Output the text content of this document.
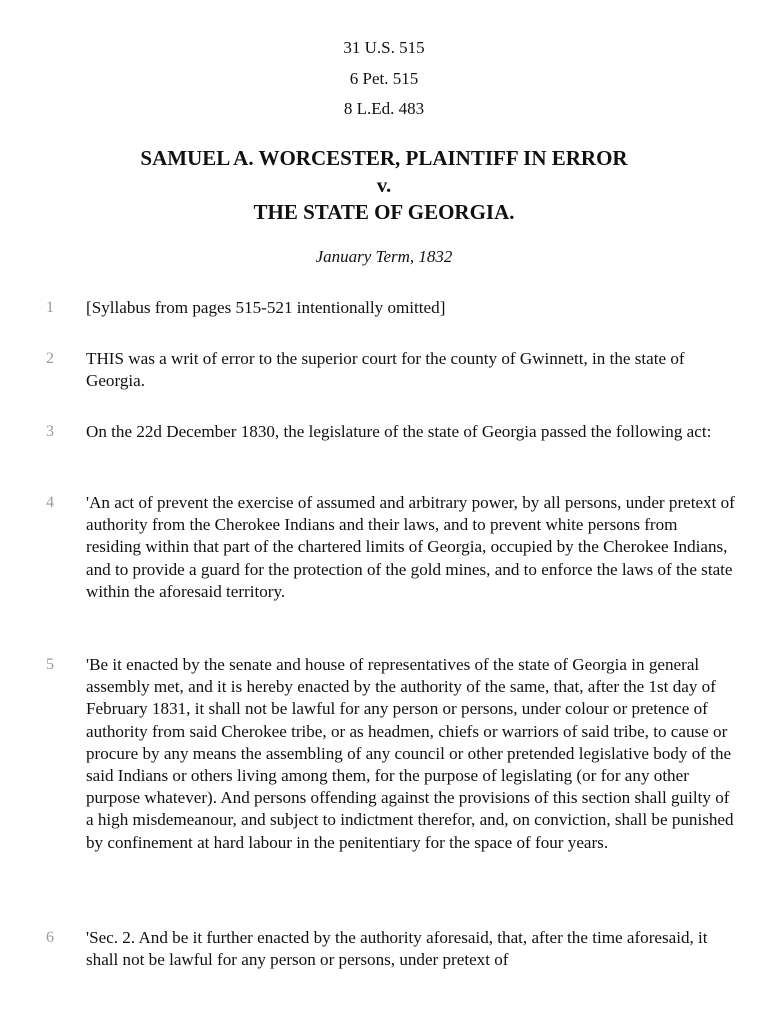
31 U.S. 515
6 Pet. 515
8 L.Ed. 483
SAMUEL A. WORCESTER, PLAINTIFF IN ERROR
v.
THE STATE OF GEORGIA.
January Term, 1832
1 [Syllabus from pages 515-521 intentionally omitted]

2 THIS was a writ of error to the superior court for the county of Gwinnett, in the state of Georgia.

3 On the 22d December 1830, the legislature of the state of Georgia passed the following act:

4 'An act of prevent the exercise of assumed and arbitrary power, by all persons, under pretext of authority from the Cherokee Indians and their laws, and to prevent white persons from residing within that part of the chartered limits of Georgia, occupied by the Cherokee Indians, and to provide a guard for the protection of the gold mines, and to enforce the laws of the state within the aforesaid territory.

5 'Be it enacted by the senate and house of representatives of the state of Georgia in general assembly met, and it is hereby enacted by the authority of the same, that, after the 1st day of February 1831, it shall not be lawful for any person or persons, under colour or pretence of authority from said Cherokee tribe, or as headmen, chiefs or warriors of said tribe, to cause or procure by any means the assembling of any council or other pretended legislative body of the said Indians or others living among them, for the purpose of legislating (or for any other purpose whatever). And persons offending against the provisions of this section shall guilty of a high misdemeanour, and subject to indictment therefor, and, on conviction, shall be punished by confinement at hard labour in the penitentiary for the space of four years.

6 'Sec. 2. And be it further enacted by the authority aforesaid, that, after the time aforesaid, it shall not be lawful for any person or persons, under pretext of
